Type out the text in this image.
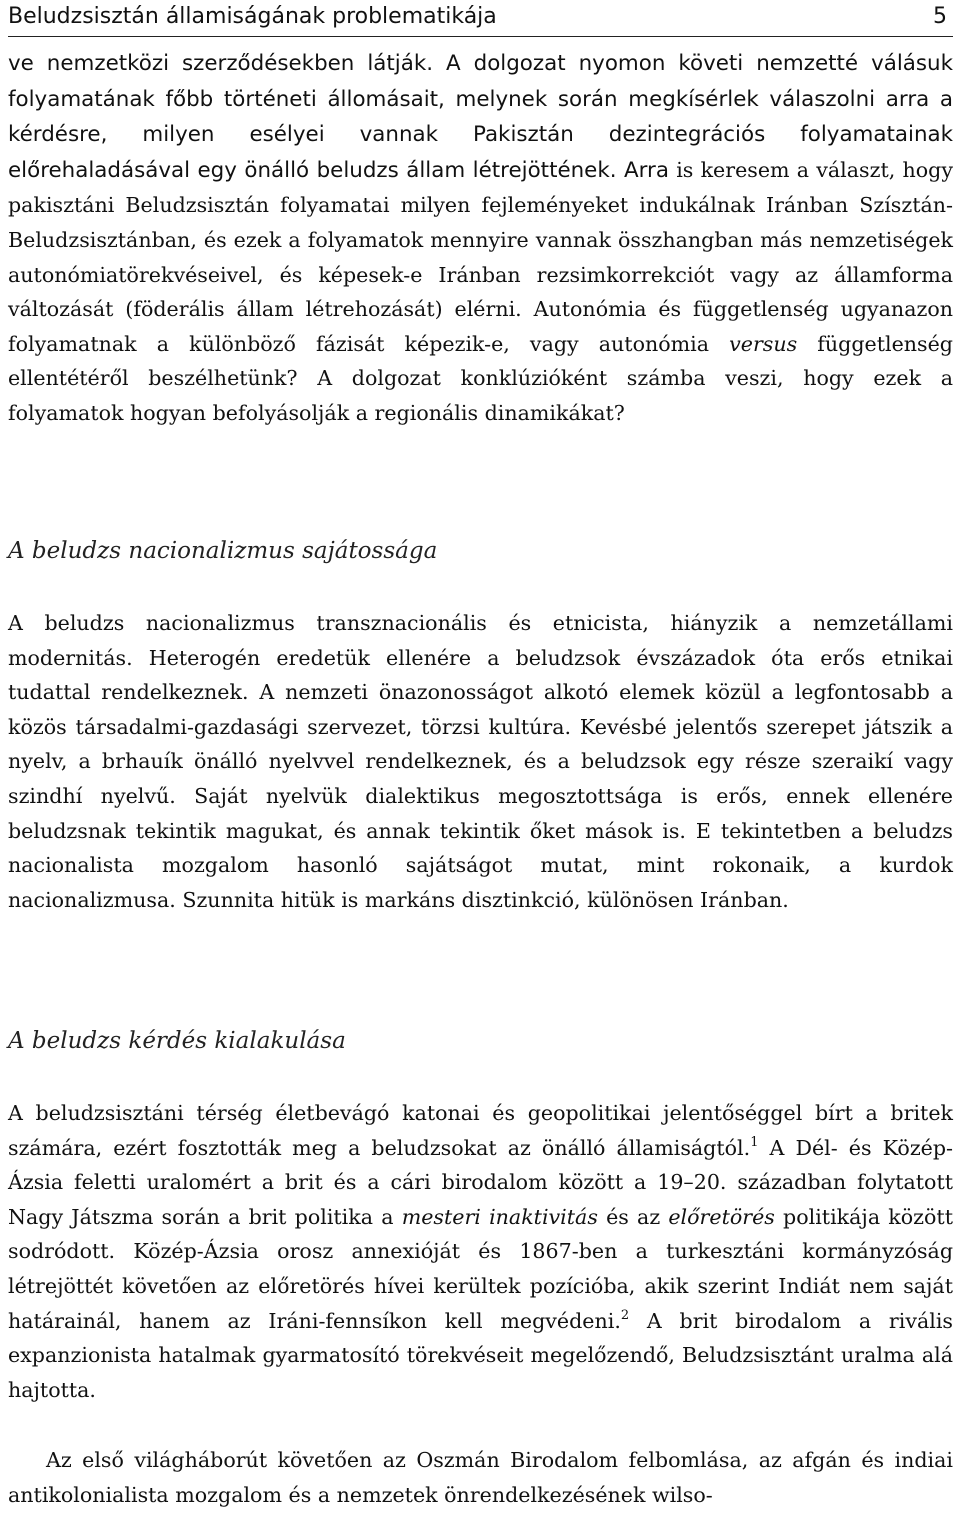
Beludzsisztán államiságának problematikája	5

ve nemzetközi szerződésekben látják. A dolgozat nyomon követi nemzetté válásuk folyamatának főbb történeti állomásait, melynek során megkísérlek válaszolni arra a kérdésre, milyen esélyei vannak Pakisztán dezintegrációs folyamatainak előrehaladásával egy önálló beludzs állam létrejöttének. Arra is keresem a választ, hogy pakisztáni Beludzsisztán folyamatai milyen fejleményeket indukálnak Iránban Szísztán-Beludzsisztánban, és ezek a folyamatok mennyire vannak összhangban más nemzetiségek autonómiatörekvéseivel, és képesek-e Iránban rezsimkorrekciót vagy az államforma változását (föderális állam létrehozását) elérni. Autonómia és függetlenség ugyanazon folyamatnak a különböző fázisát képezik-e, vagy autonómia versus függetlenség ellentétéről beszélhetünk? A dolgozat konklúzióként számba veszi, hogy ezek a folyamatok hogyan befolyásolják a regionális dinamikákat?

A beludzs nacionalizmus sajátossága

A beludzs nacionalizmus transznacionális és etnicista, hiányzik a nemzetállami modernitás. Heterogén eredetük ellenére a beludzsok évszázadok óta erős etnikai tudattal rendelkeznek. A nemzeti önazonosságot alkotó elemek közül a legfontosabb a közös társadalmi-gazdasági szervezet, törzsi kultúra. Kevésbé jelentős szerepet játszik a nyelv, a brhauík önálló nyelvvel rendelkeznek, és a beludzsok egy része szeraikí vagy szindhí nyelvű. Saját nyelvük dialektikus megosztottsága is erős, ennek ellenére beludzsnak tekintik magukat, és annak tekintik őket mások is. E tekintetben a beludzs nacionalista mozgalom hasonló sajátságot mutat, mint rokonaik, a kurdok nacionalizmusa. Szunnita hitük is markáns disztinkció, különösen Iránban.

A beludzs kérdés kialakulása

A beludzsisztáni térség életbevágó katonai és geopolitikai jelentőséggel bírt a britek számára, ezért fosztották meg a beludzsokat az önálló államiságtól.$^1$ A Dél- és Közép-Ázsia feletti uralomért a brit és a cári birodalom között a 19–20. században folytatott Nagy Játszma során a brit politika a mesteri inaktivitás és az előretörés politikája között sodródott. Közép-Ázsia orosz annexióját és 1867-ben a turkesztáni kormányzóság létrejöttét követően az előretörés hívei kerültek pozícióba, akik szerint Indiát nem saját határainál, hanem az Iráni-fennsíkon kell megvédeni.$^2$ A brit birodalom a rivális expanzionista hatalmak gyarmatosító törekvéseit megelőzendő, Beludzsisztánt uralma alá hajtotta.

Az első világháborút követően az Oszmán Birodalom felbomlása, az afgán és indiai antikolonialista mozgalom és a nemzetek önrendelkezésének wilso-
